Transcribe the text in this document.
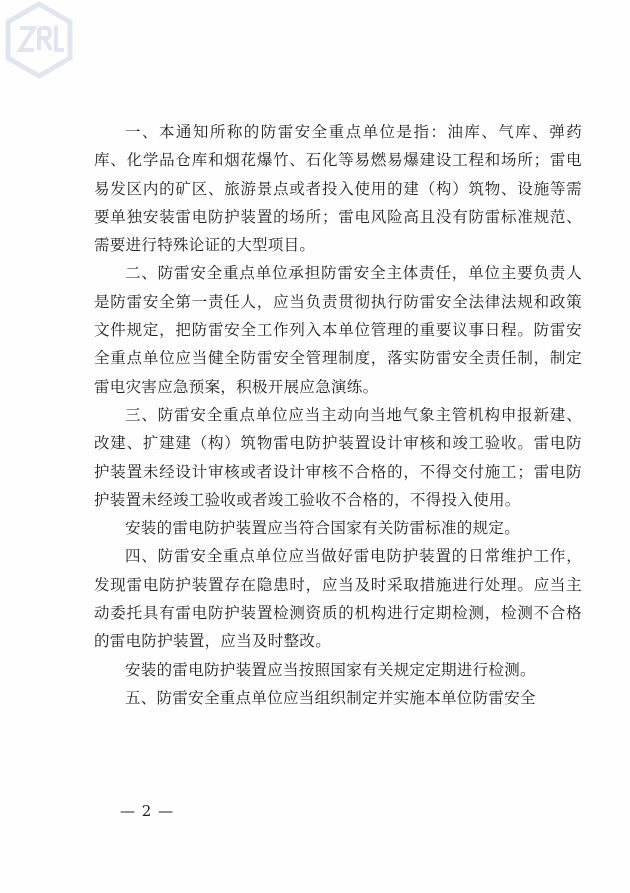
一、本通知所称的防雷安全重点单位是指：油库、气库、弹药库、化学品仓库和烟花爆竹、石化等易燃易爆建设工程和场所；雷电易发区内的矿区、旅游景点或者投入使用的建（构）筑物、设施等需要单独安装雷电防护装置的场所；雷电风险高且没有防雷标准规范、需要进行特殊论证的大型项目。

二、防雷安全重点单位承担防雷安全主体责任，单位主要负责人是防雷安全第一责任人，应当负责贯彻执行防雷安全法律法规和政策文件规定，把防雷安全工作列入本单位管理的重要议事日程。防雷安全重点单位应当健全防雷安全管理制度，落实防雷安全责任制，制定雷电灾害应急预案，积极开展应急演练。

三、防雷安全重点单位应当主动向当地气象主管机构申报新建、改建、扩建建（构）筑物雷电防护装置设计审核和竣工验收。雷电防护装置未经设计审核或者设计审核不合格的，不得交付施工；雷电防护装置未经竣工验收或者竣工验收不合格的，不得投入使用。

安装的雷电防护装置应当符合国家有关防雷标准的规定。

四、防雷安全重点单位应当做好雷电防护装置的日常维护工作，发现雷电防护装置存在隐患时，应当及时采取措施进行处理。应当主动委托具有雷电防护装置检测资质的机构进行定期检测，检测不合格的雷电防护装置，应当及时整改。

安装的雷电防护装置应当按照国家有关规定定期进行检测。

五、防雷安全重点单位应当组织制定并实施本单位防雷安全

— 2 —
